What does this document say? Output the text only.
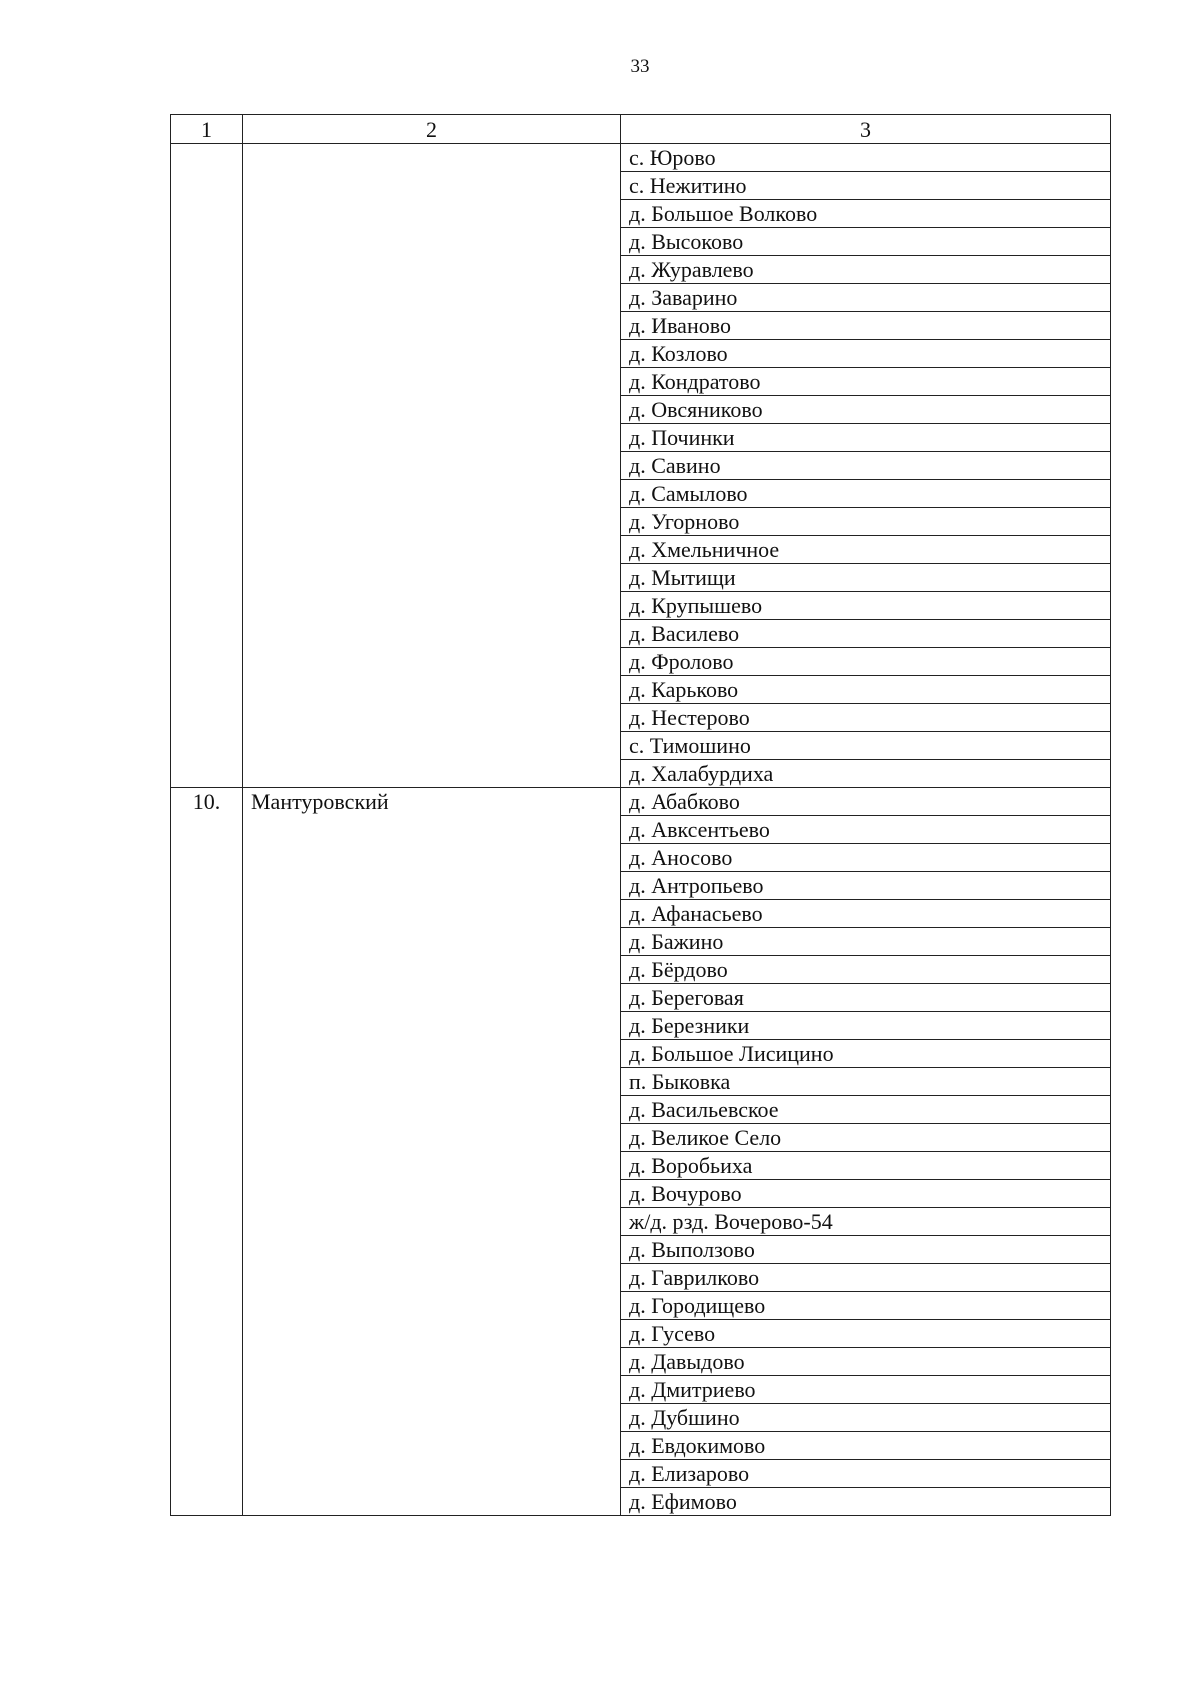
33
1	2	3
		с. Юрово
		с. Нежитино
		д. Большое Волково
		д. Высоково
		д. Журавлево
		д. Заварино
		д. Иваново
		д. Козлово
		д. Кондратово
		д. Овсяниково
		д. Починки
		д. Савино
		д. Самылово
		д. Угорново
		д. Хмельничное
		д. Мытищи
		д. Крупышево
		д. Василево
		д. Фролово
		д. Карьково
		д. Нестерово
		с. Тимошино
		д. Халабурдиха
10.	Мантуровский	д. Абабково
		д. Авксентьево
		д. Аносово
		д. Антропьево
		д. Афанасьево
		д. Бажино
		д. Бёрдово
		д. Береговая
		д. Березники
		д. Большое Лисицино
		п. Быковка
		д. Васильевское
		д. Великое Село
		д. Воробьиха
		д. Вочурово
		ж/д. рзд. Вочерово-54
		д. Выползово
		д. Гаврилково
		д. Городищево
		д. Гусево
		д. Давыдово
		д. Дмитриево
		д. Дубшино
		д. Евдокимово
		д. Елизарово
		д. Ефимово
